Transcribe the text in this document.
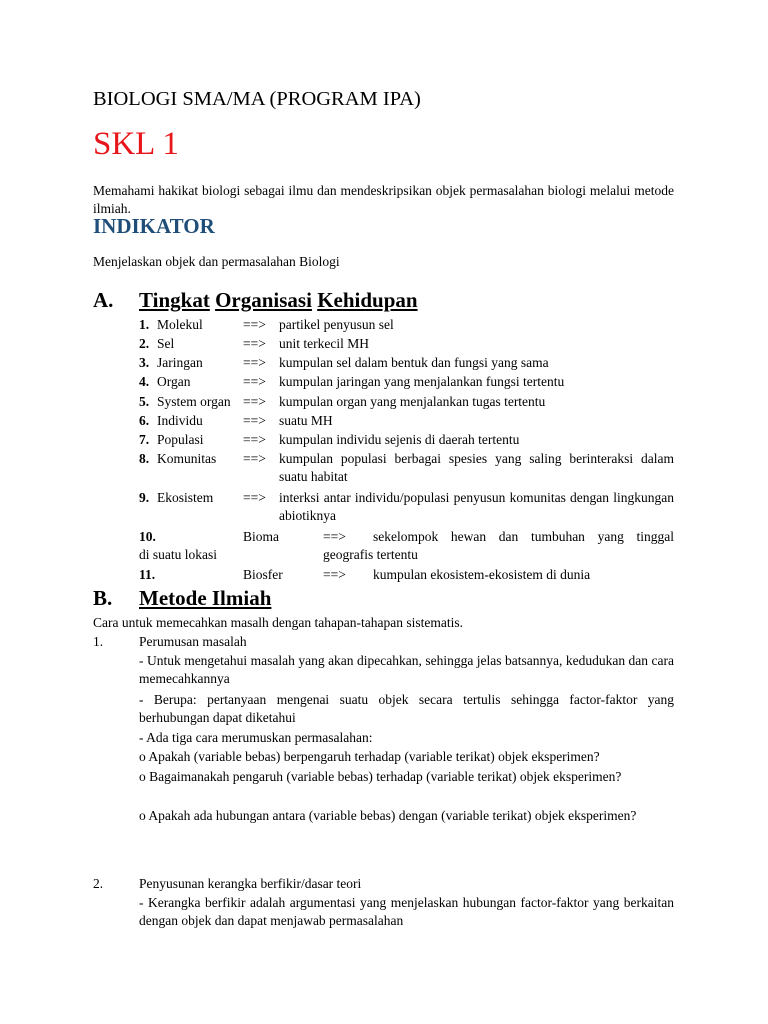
BIOLOGI SMA/MA (PROGRAM IPA)
SKL 1
Memahami hakikat biologi sebagai ilmu dan mendeskripsikan objek permasalahan biologi melalui metode ilmiah.
INDIKATOR
Menjelaskan objek dan permasalahan Biologi
A. Tingkat Organisasi Kehidupan
1. Molekul	==> partikel penyusun sel
2. Sel	==> unit terkecil MH
3. Jaringan	==> kumpulan sel dalam bentuk dan fungsi yang sama
4. Organ	==> kumpulan jaringan yang menjalankan fungsi tertentu
5. System organ ==> kumpulan organ yang menjalankan tugas tertentu
6. Individu	==> suatu MH
7. Populasi	==> kumpulan individu sejenis di daerah tertentu
8. Komunitas ==> kumpulan populasi berbagai spesies yang saling berinteraksi dalam suatu habitat
9. Ekosistem ==> interksi antar individu/populasi penyusun komunitas dengan lingkungan abiotiknya
10.	Bioma	==> sekelompok hewan dan tumbuhan yang tinggal
di suatu lokasi	geografis tertentu
11.	Biosfer	==> kumpulan ekosistem-ekosistem di dunia
B. Metode Ilmiah
Cara untuk memecahkan masalh dengan tahapan-tahapan sistematis.
1.	Perumusan masalah
- Untuk mengetahui masalah yang akan dipecahkan, sehingga jelas batsannya, kedudukan dan cara memecahkannya
- Berupa: pertanyaan mengenai suatu objek secara tertulis sehingga factor-faktor yang berhubungan dapat diketahui
- Ada tiga cara merumuskan permasalahan:
o Apakah (variable bebas) berpengaruh terhadap (variable terikat) objek eksperimen?
o Bagaimanakah pengaruh (variable bebas) terhadap (variable terikat) objek eksperimen?
o Apakah ada hubungan antara (variable bebas) dengan (variable terikat) objek eksperimen?
2.	Penyusunan kerangka berfikir/dasar teori
- Kerangka berfikir adalah argumentasi yang menjelaskan hubungan factor-faktor yang berkaitan dengan objek dan dapat menjawab permasalahan
